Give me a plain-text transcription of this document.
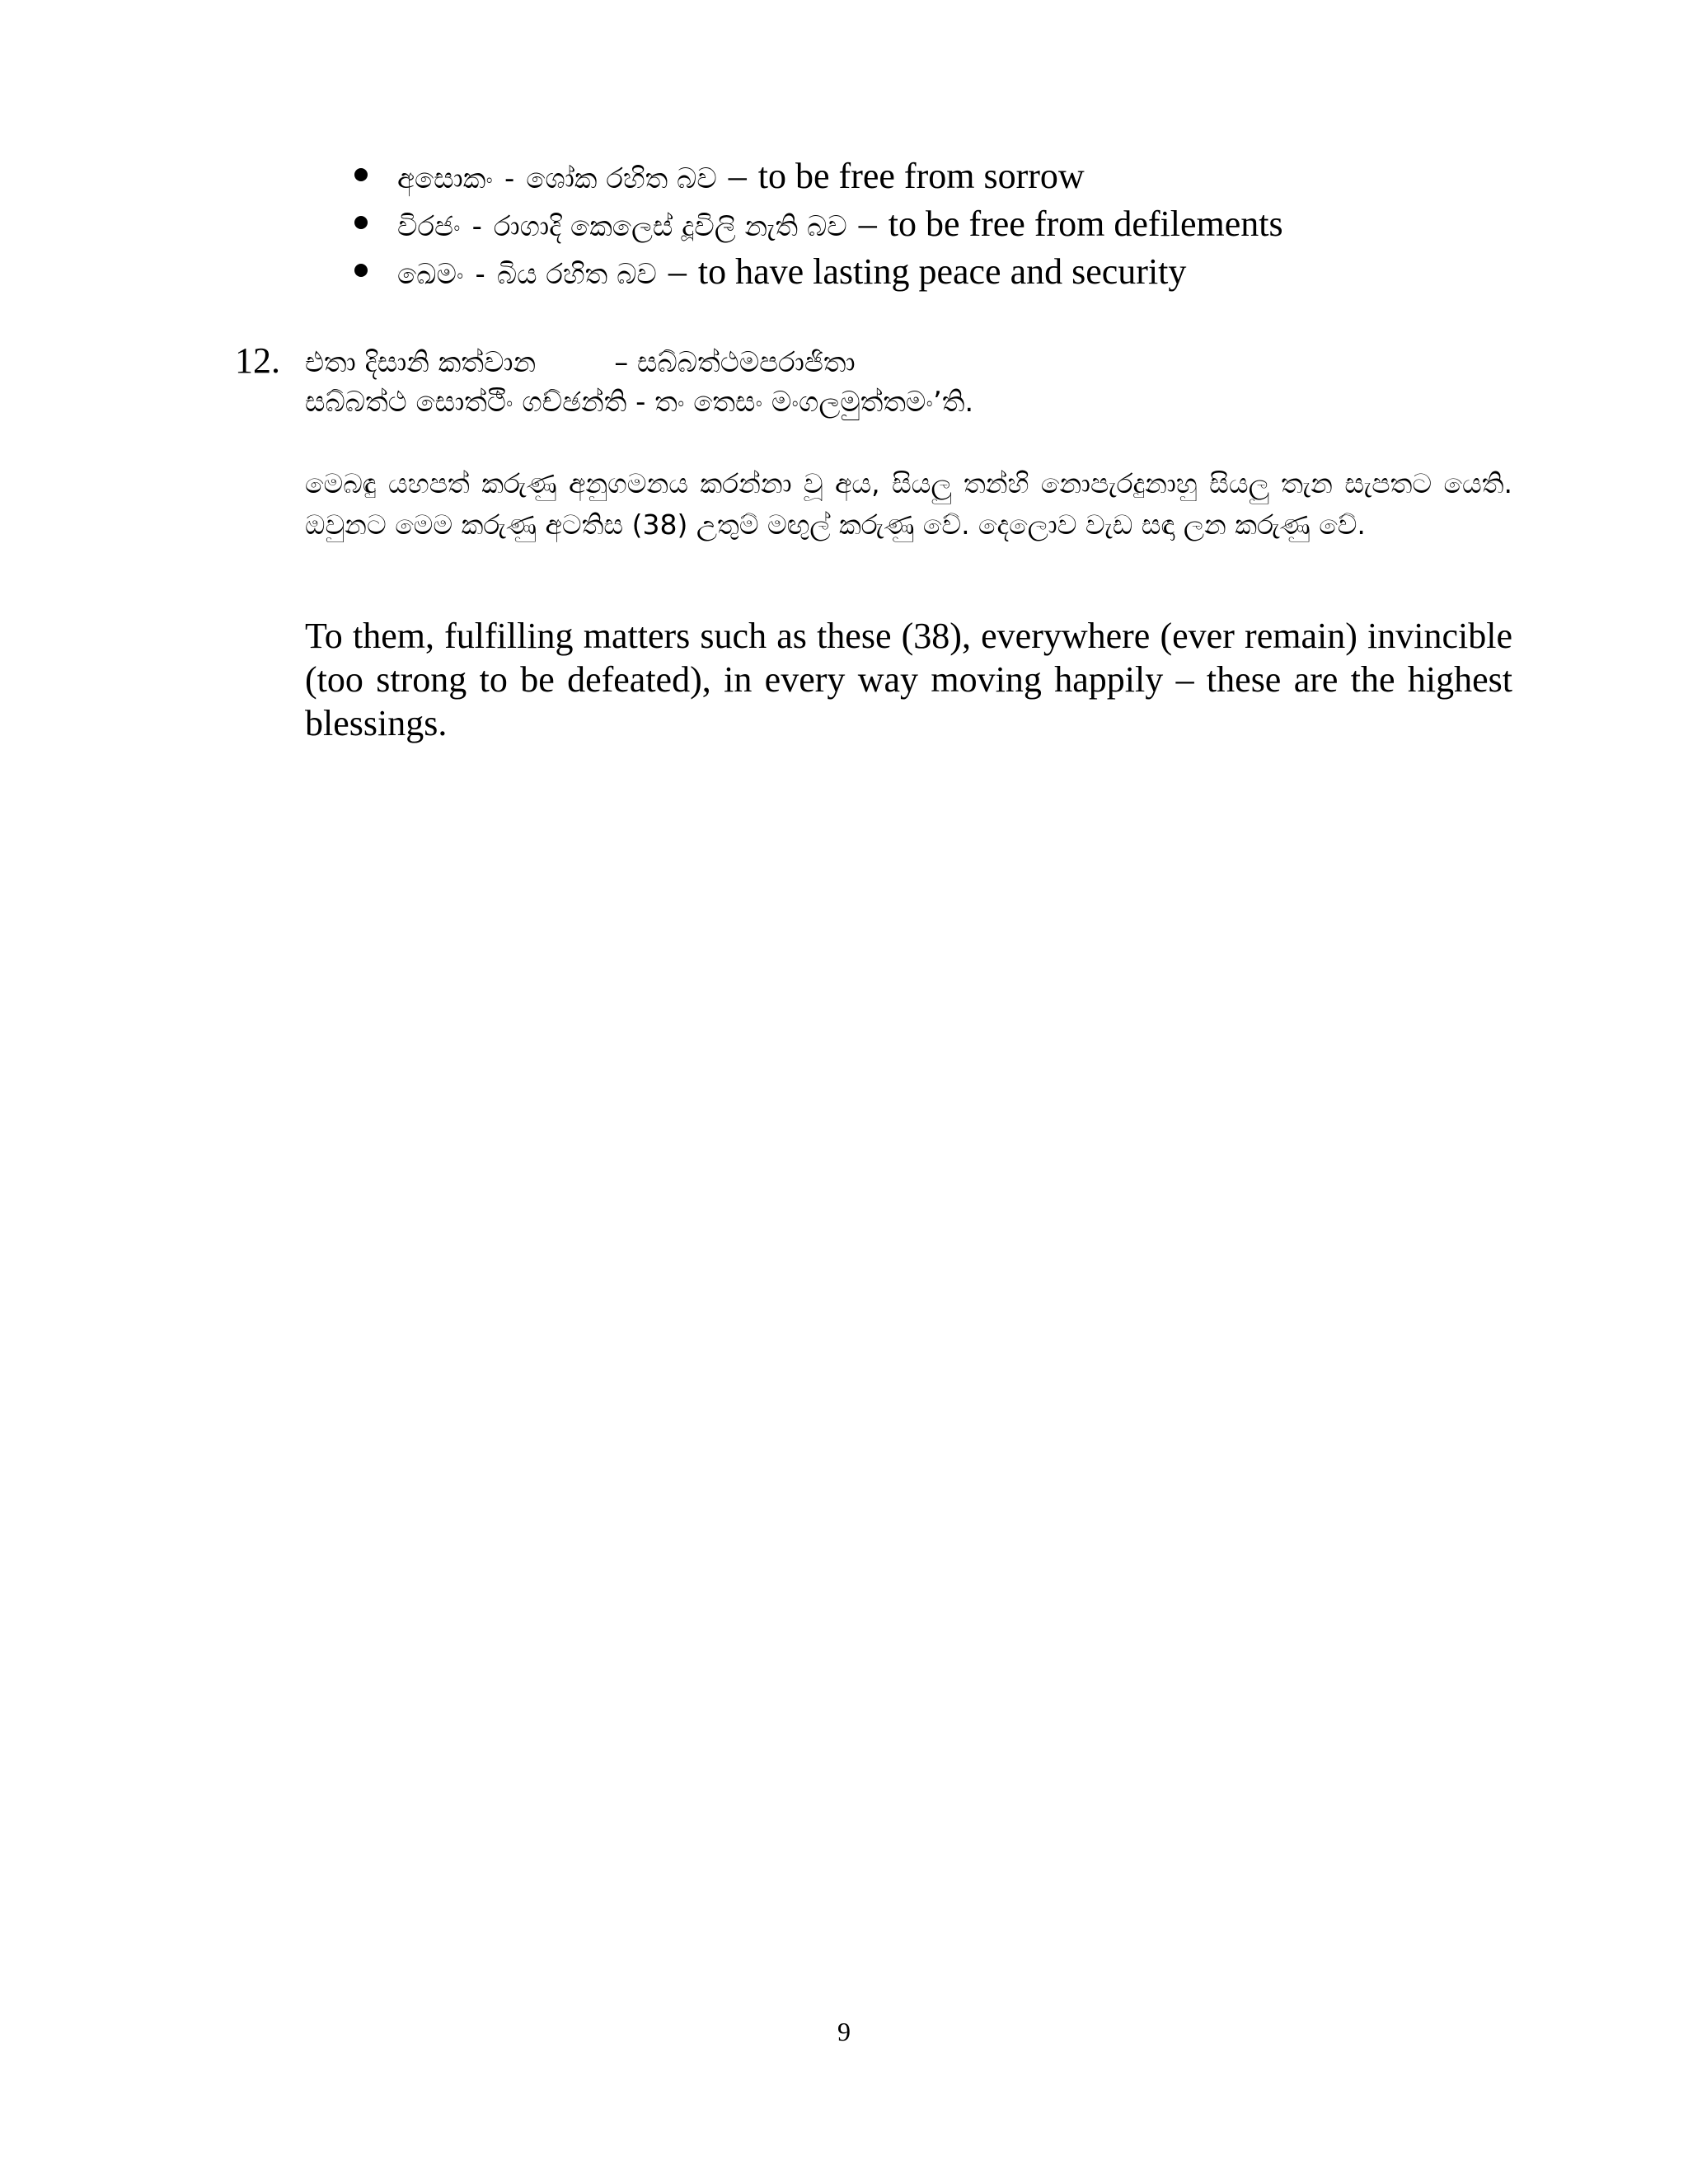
අසොකං - ශෝක රහිත බව – to be free from sorrow
විරජං - රාගාදි කෙලෙස් දූවිලි නැති බව – to be free from defilements
ඛෙමං - බිය රහිත බව – to have lasting peace and security
12. එතා දිසානි කත්වාන	– සබ්බත්ථමපරාජිතා
සබ්බත්ථ සොත්ථිං ගච්ඡන්ති - තං තෙසං මංගලමුත්තමං’ති.

මෙබඳු යහපත් කරුණු අනුගමනය කරන්නා වූ අය, සියලු තන්හි නොපැරදුනාහු සියලු තැන සැපතට යෙති. ඔවුනට මෙම කරුණු අටතිස (38) උතුම් මඟුල් කරුණු වේ. දෙලොව වැඩ සඳා ලන කරුණු වේ.

To them, fulfilling matters such as these (38), everywhere (ever remain) invincible (too strong to be defeated), in every way moving happily – these are the highest blessings.

9
